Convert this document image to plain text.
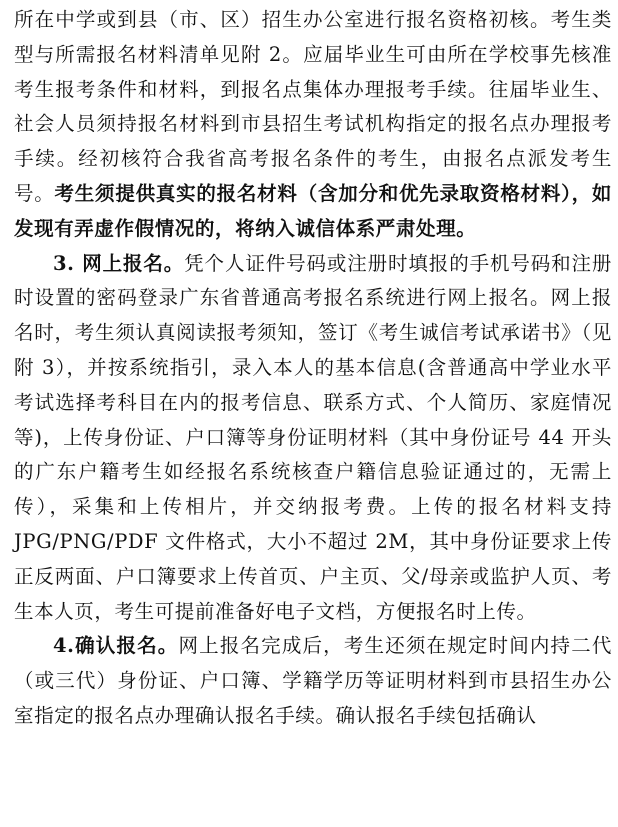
所在中学或到县（市、区）招生办公室进行报名资格初核。考生类型与所需报名材料清单见附 2。应届毕业生可由所在学校事先核准考生报考条件和材料，到报名点集体办理报考手续。往届毕业生、社会人员须持报名材料到市县招生考试机构指定的报名点办理报考手续。经初核符合我省高考报名条件的考生，由报名点派发考生号。考生须提供真实的报名材料（含加分和优先录取资格材料），如发现有弄虚作假情况的，将纳入诚信体系严肃处理。

3. 网上报名。凭个人证件号码或注册时填报的手机号码和注册时设置的密码登录广东省普通高考报名系统进行网上报名。网上报名时，考生须认真阅读报考须知，签订《考生诚信考试承诺书》（见附 3），并按系统指引，录入本人的基本信息(含普通高中学业水平考试选择考科目在内的报考信息、联系方式、个人简历、家庭情况等)，上传身份证、户口簿等身份证明材料（其中身份证号 44 开头的广东户籍考生如经报名系统核查户籍信息验证通过的，无需上传），采集和上传相片，并交纳报考费。上传的报名材料支持 JPG/PNG/PDF 文件格式，大小不超过 2M，其中身份证要求上传正反两面、户口簿要求上传首页、户主页、父/母亲或监护人页、考生本人页，考生可提前准备好电子文档，方便报名时上传。

4.确认报名。网上报名完成后，考生还须在规定时间内持二代（或三代）身份证、户口簿、学籍学历等证明材料到市县招生办公室指定的报名点办理确认报名手续。确认报名手续包括确认
